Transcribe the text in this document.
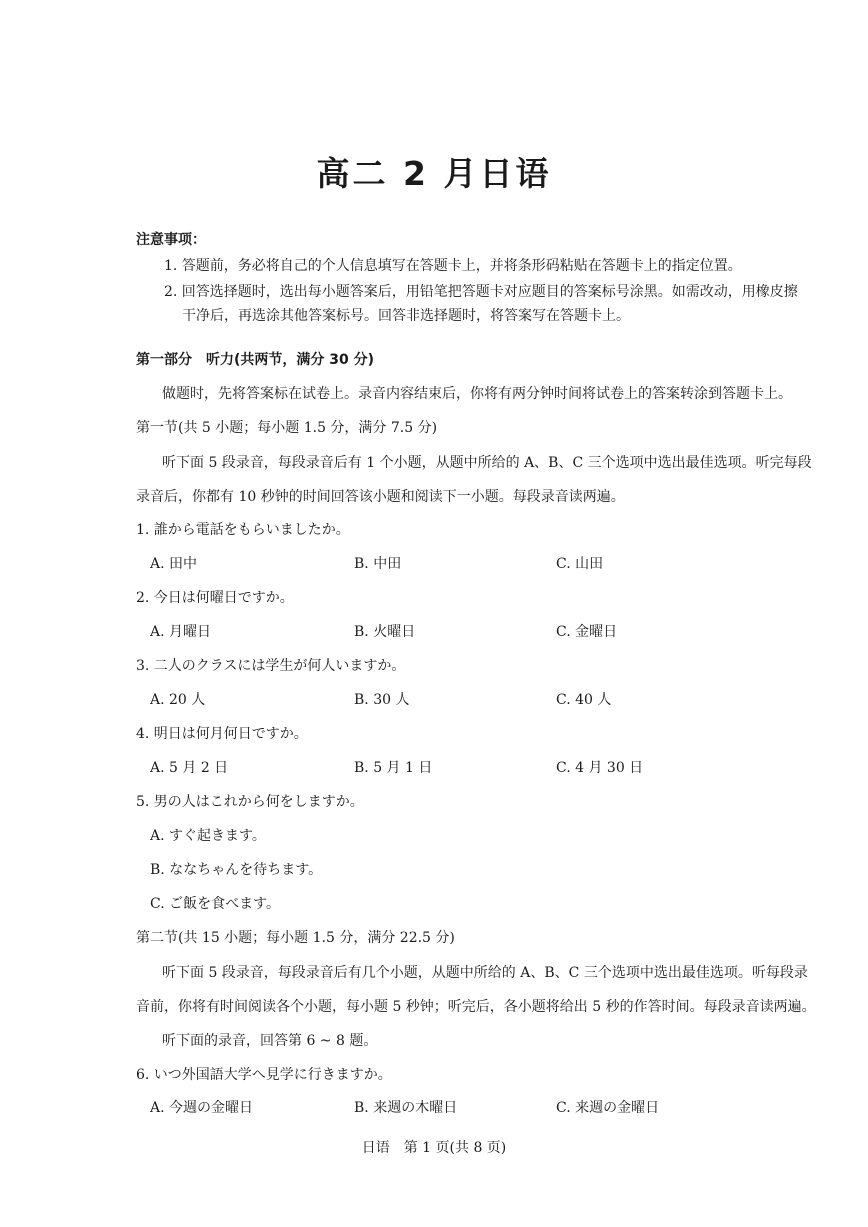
高二 2 月日语
注意事项：
1. 答题前，务必将自己的个人信息填写在答题卡上，并将条形码粘贴在答题卡上的指定位置。
2. 回答选择题时，选出每小题答案后，用铅笔把答题卡对应题目的答案标号涂黑。如需改动，用橡皮擦
干净后，再选涂其他答案标号。回答非选择题时，将答案写在答题卡上。
第一部分　听力(共两节，满分 30 分)
做题时，先将答案标在试卷上。录音内容结束后，你将有两分钟时间将试卷上的答案转涂到答题卡上。
第一节(共 5 小题；每小题 1.5 分，满分 7.5 分)
听下面 5 段录音，每段录音后有 1 个小题，从题中所给的 A、B、C 三个选项中选出最佳选项。听完每段
录音后，你都有 10 秒钟的时间回答该小题和阅读下一小题。每段录音读两遍。
1. 誰から電話をもらいましたか。
A. 田中	B. 中田	C. 山田
2. 今日は何曜日ですか。
A. 月曜日	B. 火曜日	C. 金曜日
3. 二人のクラスには学生が何人いますか。
A. 20 人	B. 30 人	C. 40 人
4. 明日は何月何日ですか。
A. 5 月 2 日	B. 5 月 1 日	C. 4 月 30 日
5. 男の人はこれから何をしますか。
A. すぐ起きます。
B. ななちゃんを待ちます。
C. ご飯を食べます。
第二节(共 15 小题；每小题 1.5 分，满分 22.5 分)
听下面 5 段录音，每段录音后有几个小题，从题中所给的 A、B、C 三个选项中选出最佳选项。听每段录
音前，你将有时间阅读各个小题，每小题 5 秒钟；听完后，各小题将给出 5 秒的作答时间。每段录音读两遍。
听下面的录音，回答第 6 ~ 8 题。
6. いつ外国語大学へ見学に行きますか。
A. 今週の金曜日	B. 来週の木曜日	C. 来週の金曜日
日语　第 1 页(共 8 页)
